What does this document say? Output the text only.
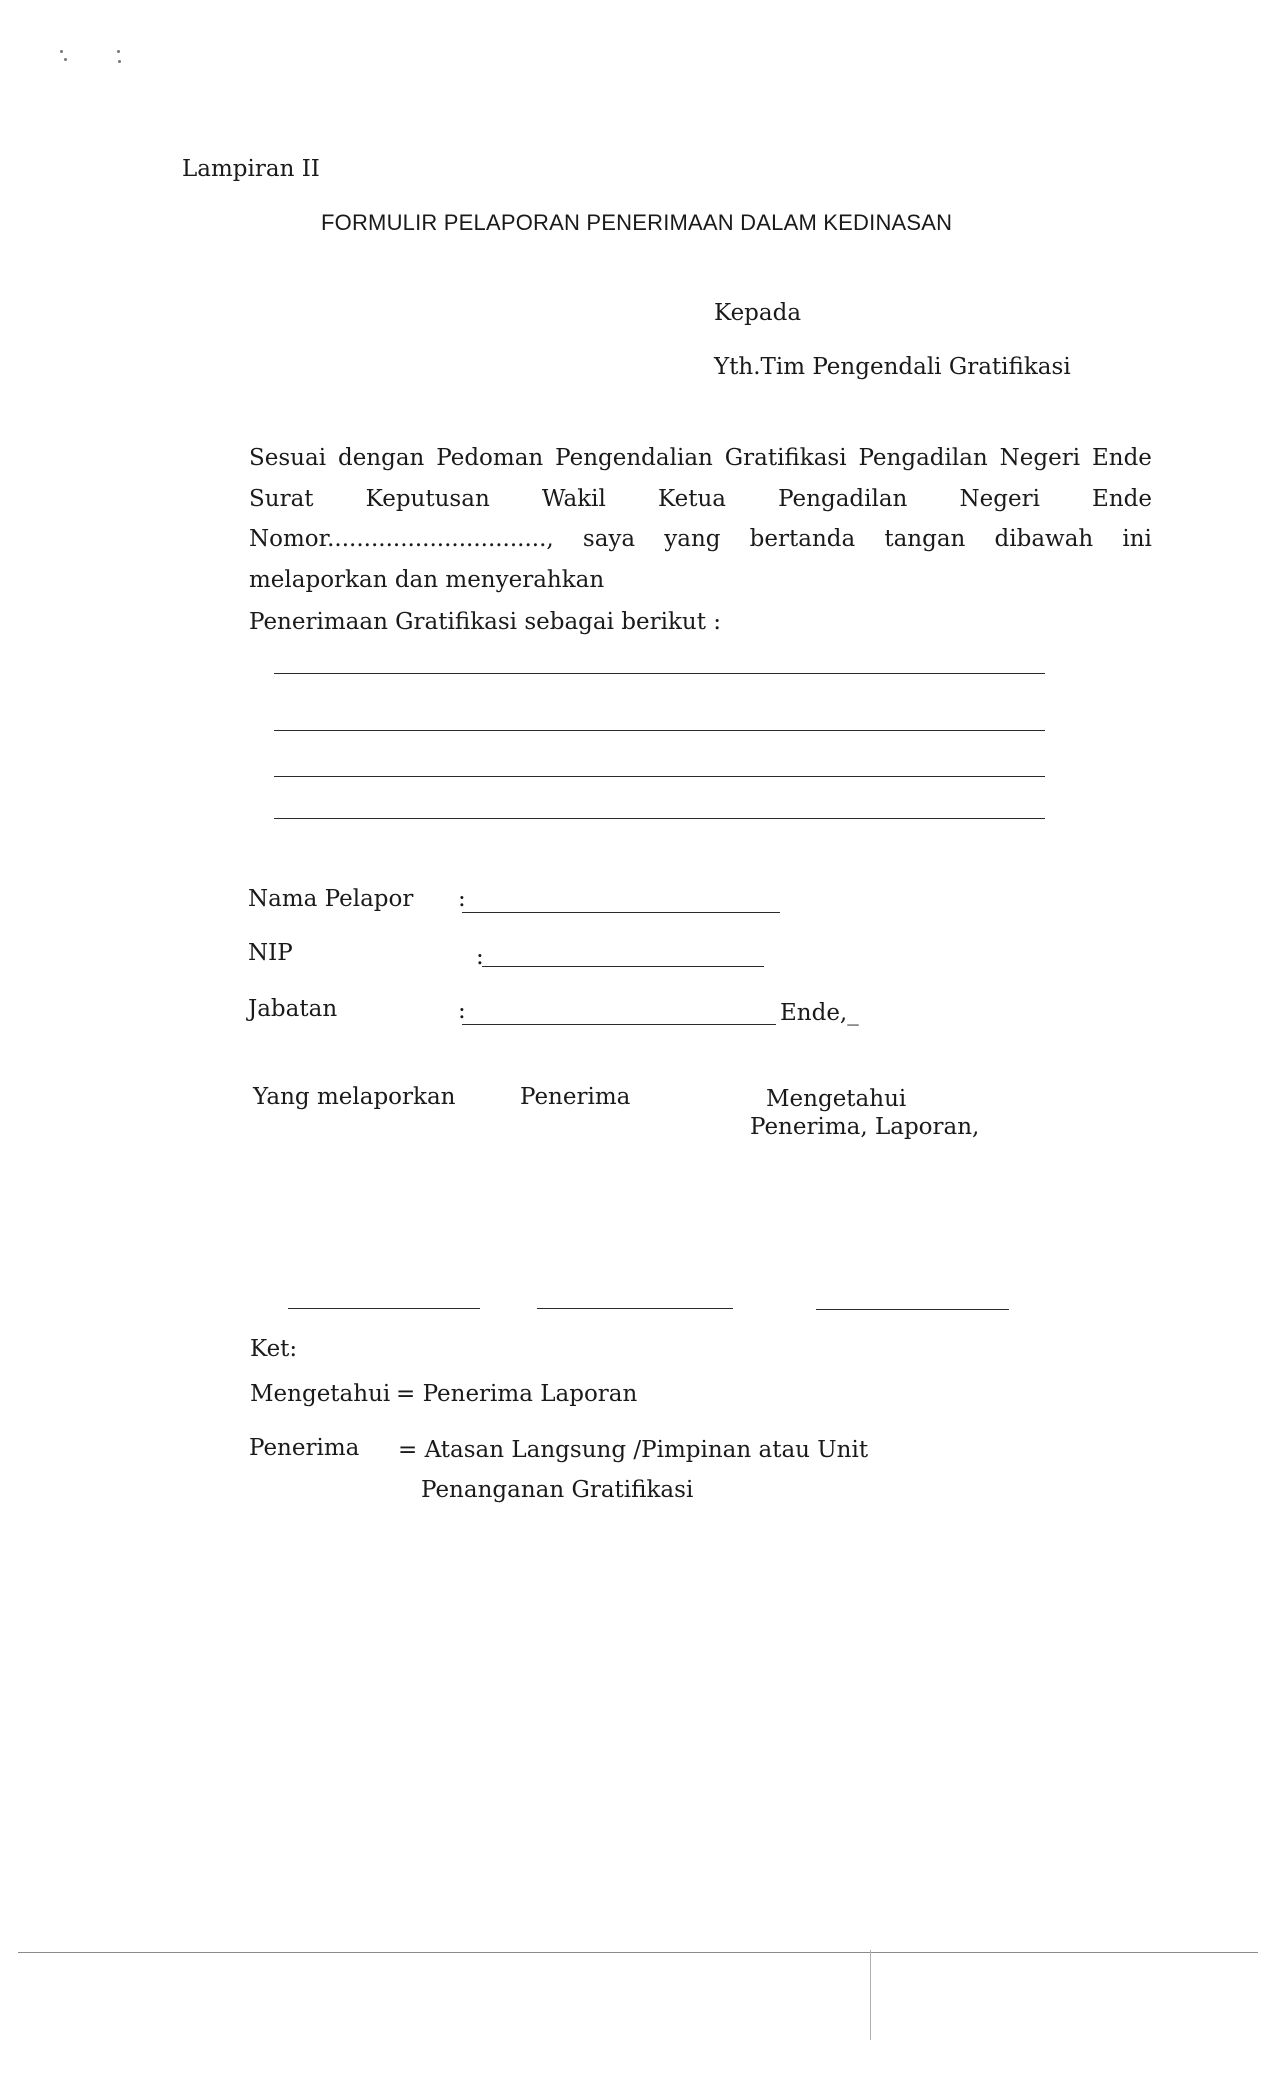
Lampiran II
FORMULIR PELAPORAN PENERIMAAN DALAM KEDINASAN
Kepada
Yth.Tim Pengendali Gratifikasi
Sesuai dengan Pedoman Pengendalian Gratifikasi Pengadilan Negeri Ende
Surat Keputusan Wakil Ketua Pengadilan Negeri Ende
Nomor.............................., saya yang bertanda tangan dibawah ini
melaporkan dan menyerahkan
Penerimaan Gratifikasi sebagai berikut :
Nama Pelapor :
NIP	:
Jabatan	:	Ende,_
Yang melaporkan	Penerima	Mengetahui
Penerima, Laporan,
Ket:
Mengetahui = Penerima Laporan
Penerima = Atasan Langsung /Pimpinan atau Unit
Penanganan Gratifikasi
